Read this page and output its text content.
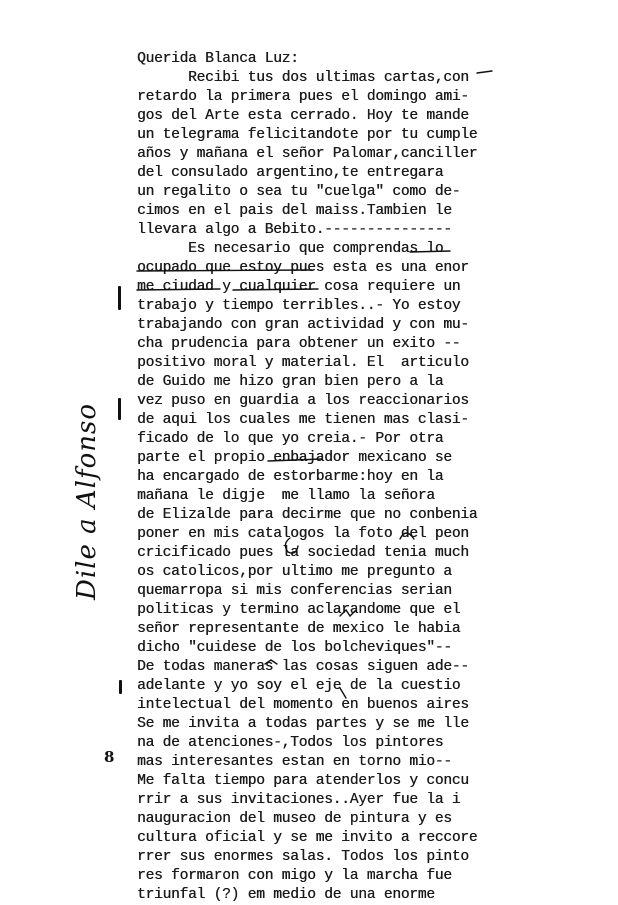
Querida Blanca Luz:
Recibi tus dos ultimas cartas,con
retardo la primera pues el domingo ami-
gos del Arte esta cerrado. Hoy te mande
un telegrama felicitandote por tu cumple
años y mañana el señor Palomar,canciller
del consulado argentino,te entregara
un regalito o sea tu "cuelga" como de-
cimos en el pais del maiss.Tambien le
llevara algo a Bebito.---------------
Es necesario que comprendas lo
ocupado que estoy pues esta es una enor
me ciudad y cualquier cosa requiere un
trabajo y tiempo terribles..- Yo estoy
trabajando con gran actividad y con mu-
cha prudencia para obtener un exito --
positivo moral y material. El  articulo
de Guido me hizo gran bien pero a la
vez puso en guardia a los reaccionarios
de aqui los cuales me tienen mas clasi-
ficado de lo que yo creia.- Por otra
parte el propio enbajador mexicano se
ha encargado de estorbarme:hoy en la
mañana le digje  me llamo la señora
de Elizalde para decirme que no conbenia
poner en mis catalogos la foto del peon
cricificado pues la sociedad tenia much
os catolicos,por ultimo me pregunto a
quemarropa si mis conferencias serian
politicas y termino aclarandome que el
señor representante de mexico le habia
dicho "cuidese de los bolcheviques"--
De todas maneras las cosas siguen ade--
adelante y yo soy el eje de la cuestio
intelectual del momento en buenos aires
Se me invita a todas partes y se me lle
na de atenciones-,Todos los pintores
mas interesantes estan en torno mio--
Me falta tiempo para atenderlos y concu
rrir a sus invitaciones..Ayer fue la i
nauguracion del museo de pintura y es
cultura oficial y se me invito a reccore
rrer sus enormes salas. Todos los pinto
res formaron con migo y la marcha fue
triunfal (?) em medio de una enorme
Dile a Alfonso
8
